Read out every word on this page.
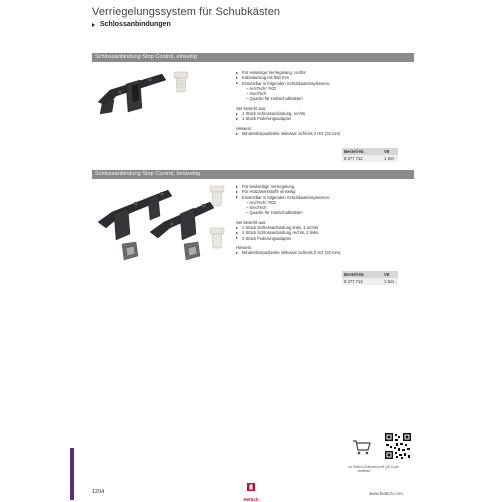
Verriegelungssystem für Schubkästen
Schlossanbindungen
Schlossanbindung Stop Control, einseitig
Für einseitige Verriegelung, rechts
Kabelauszug bis 550 mm
Einsetzbar in folgenden Schubkastensystemen:
– ArciTech/ YKD
– InnoTech
– Quadro für Holzschubkästen
Set besteht aus:
1 Stück Schlossanbindung, rechts
1 Stück Federungsadapter
Hinweis:
Mindestkorpusbreite inklusive Schloss 2 HG (32 mm)
Bestell-Nr.	VE
9 277 712	1 Set
Schlossanbindung Stop Control, beidseitig
Für beidseitige Verriegelung
Für Holzzwerkstoffe einseitig
Einsetzbar in folgenden Schubkastensystemen:
– ArciTech/ YKD
– InnoTech
– Quadro für Holzschubkästen
Set besteht aus:
1 Stück Schlossanbindung links, 2 rechts
1 Stück Schlossanbindung rechts, 2 links
2 Stück Federungsadapter
Hinweis:
Mindestkorpusbreite inklusive Schloss 2 HG (32 mm)
Bestell-Nr.	VE
9 277 713	1 Set
Im Hettich-Onlineshop bestellen
mit QR-Code
1204
Hettich
www.hettich.com
